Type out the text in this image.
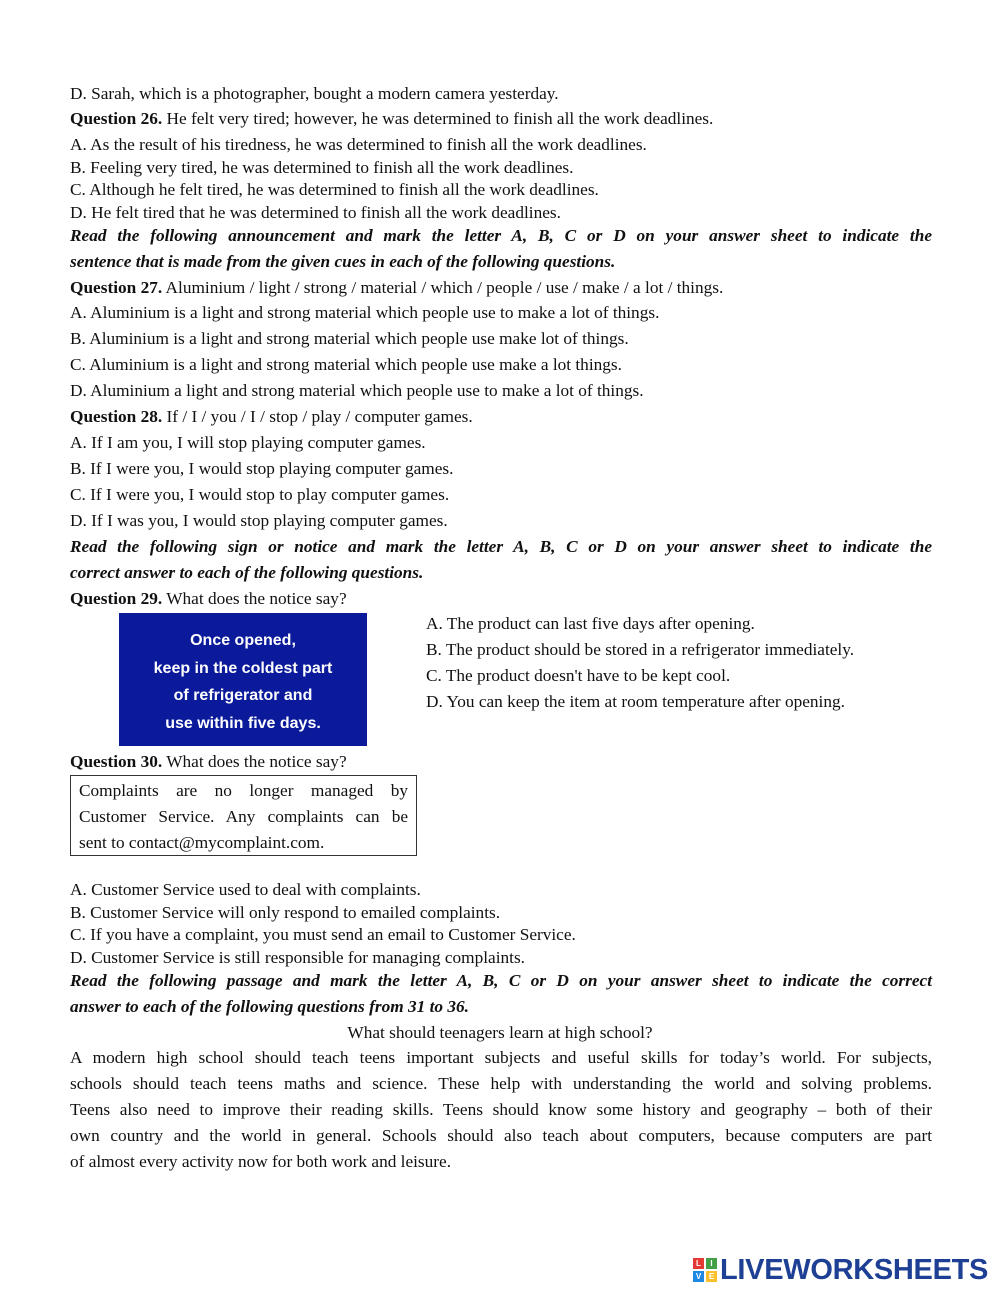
D. Sarah, which is a photographer, bought a modern camera yesterday.
Question 26. He felt very tired; however, he was determined to finish all the work deadlines.
A. As the result of his tiredness, he was determined to finish all the work deadlines.
B. Feeling very tired, he was determined to finish all the work deadlines.
C. Although he felt tired, he was determined to finish all the work deadlines.
D. He felt tired that he was determined to finish all the work deadlines.
Read the following announcement and mark the letter A, B, C or D on your answer sheet to indicate the
sentence that is made from the given cues in each of the following questions.
Question 27. Aluminium / light / strong / material / which / people / use / make / a lot / things.
A. Aluminium is a light and strong material which people use to make a lot of things.
B. Aluminium is a light and strong material which people use make lot of things.
C. Aluminium is a light and strong material which people use make a lot things.
D. Aluminium a light and strong material which people use to make a lot of things.
Question 28. If / I / you / I / stop / play / computer games.
A. If I am you, I will stop playing computer games.
B. If I were you, I would stop playing computer games.
C. If I were you, I would stop to play computer games.
D. If I was you, I would stop playing computer games.
Read the following sign or notice and mark the letter A, B, C or D on your answer sheet to indicate the
correct answer to each of the following questions.
Question 29. What does the notice say?
Once opened,
keep in the coldest part
of refrigerator and
use within five days.
A. The product can last five days after opening.
B. The product should be stored in a refrigerator immediately.
C. The product doesn't have to be kept cool.
D. You can keep the item at room temperature after opening.
Question 30. What does the notice say?
Complaints are no longer managed by
Customer Service. Any complaints can be
sent to contact@mycomplaint.com.
A. Customer Service used to deal with complaints.
B. Customer Service will only respond to emailed complaints.
C. If you have a complaint, you must send an email to Customer Service.
D. Customer Service is still responsible for managing complaints.
Read the following passage and mark the letter A, B, C or D on your answer sheet to indicate the correct
answer to each of the following questions from 31 to 36.
What should teenagers learn at high school?
A modern high school should teach teens important subjects and useful skills for today’s world. For subjects,
schools should teach teens maths and science. These help with understanding the world and solving problems.
Teens also need to improve their reading skills. Teens should know some history and geography – both of their
own country and the world in general. Schools should also teach about computers, because computers are part
of almost every activity now for both work and leisure.
L	I
V E LIVEWORKSHEETS
